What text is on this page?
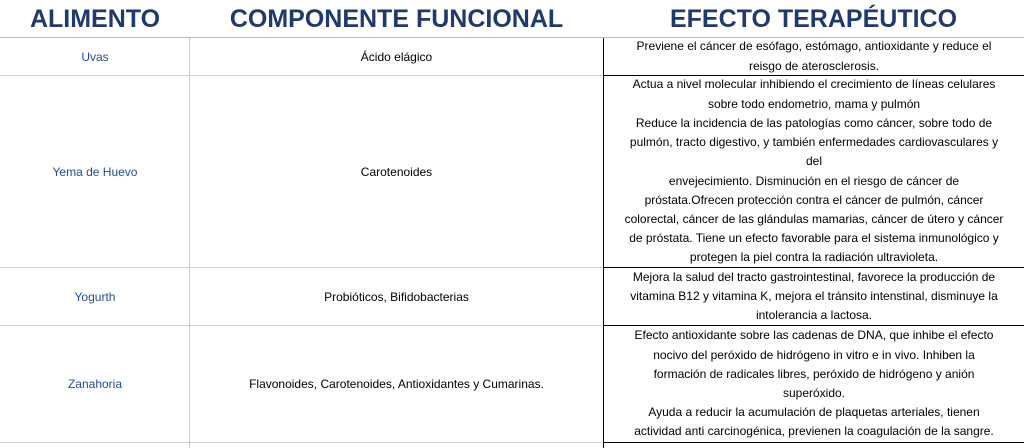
ALIMENTO	COMPONENTE FUNCIONAL	EFECTO TERAPÉUTICO
Uvas	Ácido elágico
Previene el cáncer de esófago, estómago, antioxidante y reduce el
reisgo de aterosclerosis.
Yema de Huevo	Carotenoides
Actua a nivel molecular inhibiendo el crecimiento de líneas celulares
sobre todo endometrio, mama y pulmón
Reduce la incidencia de las patologías como cáncer, sobre todo de
pulmón, tracto digestivo, y también enfermedades cardiovasculares y
del
envejecimiento. Disminución en el riesgo de cáncer de
próstata.Ofrecen protección contra el cáncer de pulmón, cáncer
colorectal, cáncer de las glándulas mamarias, cáncer de útero y cáncer
de próstata. Tiene un efecto favorable para el sistema inmunológico y
protegen la piel contra la radiación ultravioleta.
Yogurth	Probióticos, Bifidobacterias
Mejora la salud del tracto gastrointestinal, favorece la producción de
vitamina B12 y vitamina K, mejora el tránsito intenstinal, disminuye la
intolerancia a lactosa.
Zanahoria	Flavonoides, Carotenoides, Antioxidantes y Cumarinas.
Efecto antioxidante sobre las cadenas de DNA, que inhibe el efecto
nocivo del peróxido de hidrógeno in vitro e in vivo. Inhiben la
formación de radicales libres, peróxido de hidrógeno y anión
superóxido.
Ayuda a reducir la acumulación de plaquetas arteriales, tienen
actividad anti carcinogénica, previenen la coagulación de la sangre.
